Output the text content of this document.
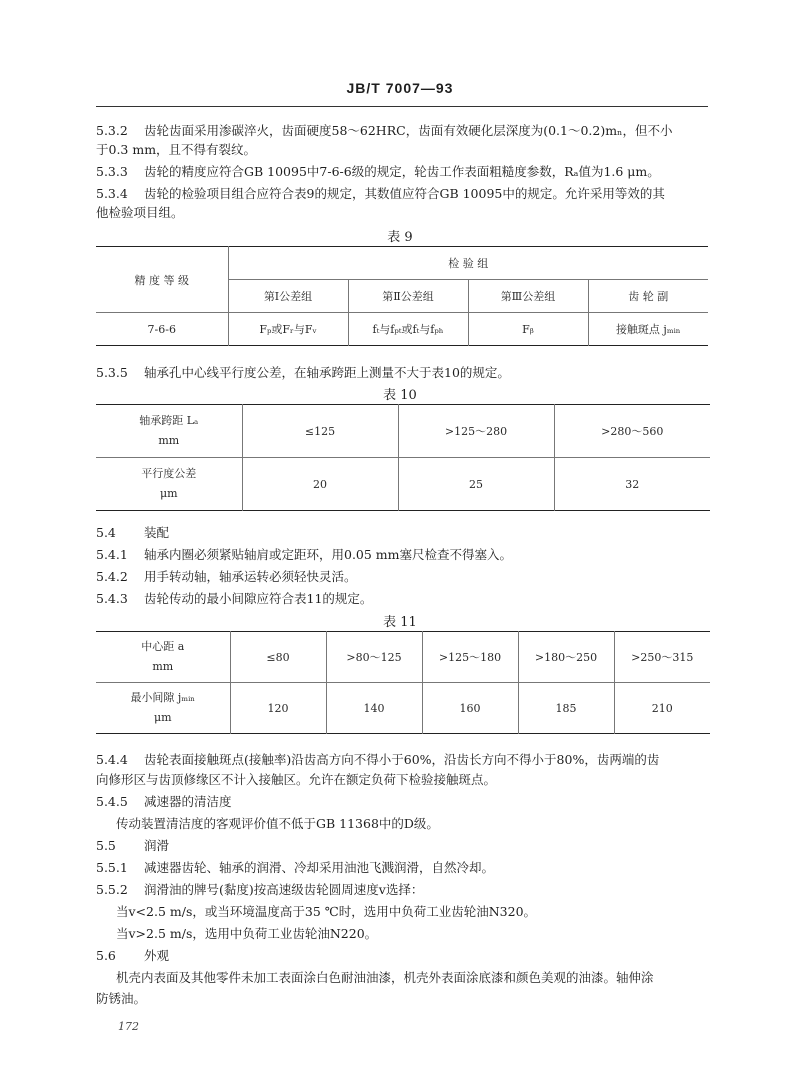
JB/T 7007—93
5.3.2 齿轮齿面采用渗碳淬火，齿面硬度58～62HRC，齿面有效硬化层深度为(0.1～0.2)mₙ，但不小
于0.3 mm，且不得有裂纹。
5.3.3 齿轮的精度应符合GB 10095中7-6-6级的规定，轮齿工作表面粗糙度参数，Rₐ值为1.6 μm。
5.3.4 齿轮的检验项目组合应符合表9的规定，其数值应符合GB 10095中的规定。允许采用等效的其
他检验项目组。
表 9
精 度 等 级	检 验 组			
	第Ⅰ公差组	第Ⅱ公差组	第Ⅲ公差组	齿 轮 副
7-6-6	Fₚ或Fᵣ与Fᵥ	fₜ与fₚₜ或fₜ与fₚₕ	Fᵦ	接触斑点 jₘᵢₙ
5.3.5 轴承孔中心线平行度公差，在轴承跨距上测量不大于表10的规定。
表 10
轴承跨距 Lₐ
mm	≤125	>125～280	>280～560
平行度公差
μm	20	25	32
5.4 装配
5.4.1 轴承内圈必须紧贴轴肩或定距环，用0.05 mm塞尺检查不得塞入。
5.4.2 用手转动轴，轴承运转必须轻快灵活。
5.4.3 齿轮传动的最小间隙应符合表11的规定。
表 11
中心距 a
mm	≤80	>80～125	>125～180	>180～250	>250～315
最小间隙 jₘᵢₙ
μm	120	140	160	185	210
5.4.4 齿轮表面接触斑点(接触率)沿齿高方向不得小于60%，沿齿长方向不得小于80%，齿两端的齿
向修形区与齿顶修缘区不计入接触区。允许在额定负荷下检验接触斑点。
5.4.5 减速器的清洁度
传动装置清洁度的客观评价值不低于GB 11368中的D级。
5.5 润滑
5.5.1 减速器齿轮、轴承的润滑、冷却采用油池飞溅润滑，自然冷却。
5.5.2 润滑油的牌号(黏度)按高速级齿轮圆周速度v选择：
当v<2.5 m/s，或当环境温度高于35 ℃时，选用中负荷工业齿轮油N320。
当v>2.5 m/s，选用中负荷工业齿轮油N220。
5.6 外观
机壳内表面及其他零件未加工表面涂白色耐油油漆，机壳外表面涂底漆和颜色美观的油漆。轴伸涂
防锈油。
172
